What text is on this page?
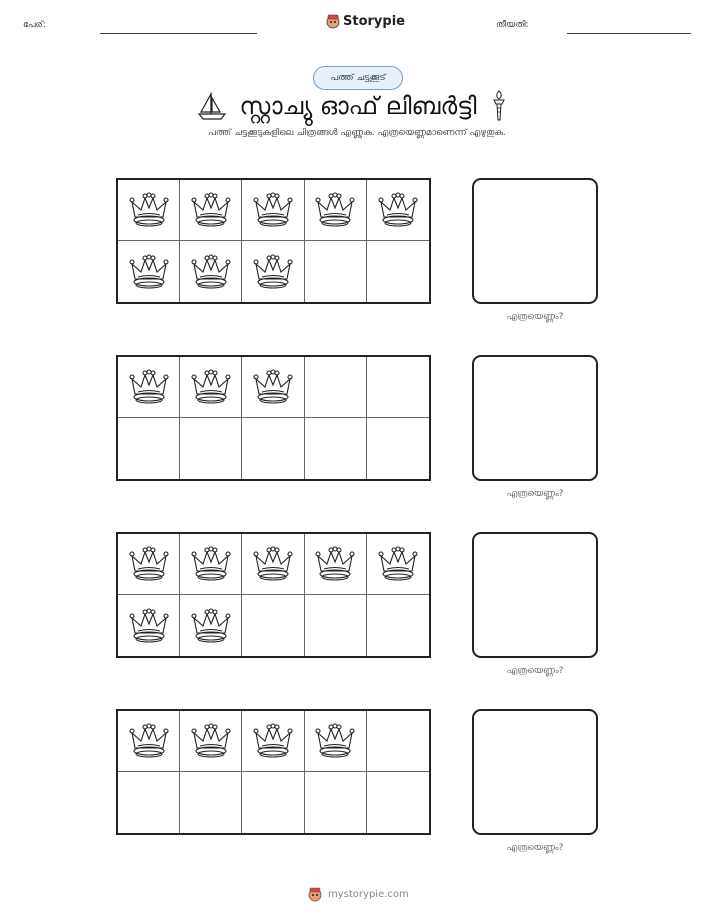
പേര്:	Storypie	തീയതി:
പത്ത് ചട്ടക്കൂട്
സ്റ്റാച്യു ഓഫ് ലിബർട്ടി
പത്ത് ചട്ടക്കൂടുകളിലെ ചിത്രങ്ങൾ എണ്ണുക. എത്രയെണ്ണമാണെന്ന് എഴുതുക.
എത്രയെണ്ണം?
എത്രയെണ്ണം?
എത്രയെണ്ണം?
എത്രയെണ്ണം?
mystorypie.com
